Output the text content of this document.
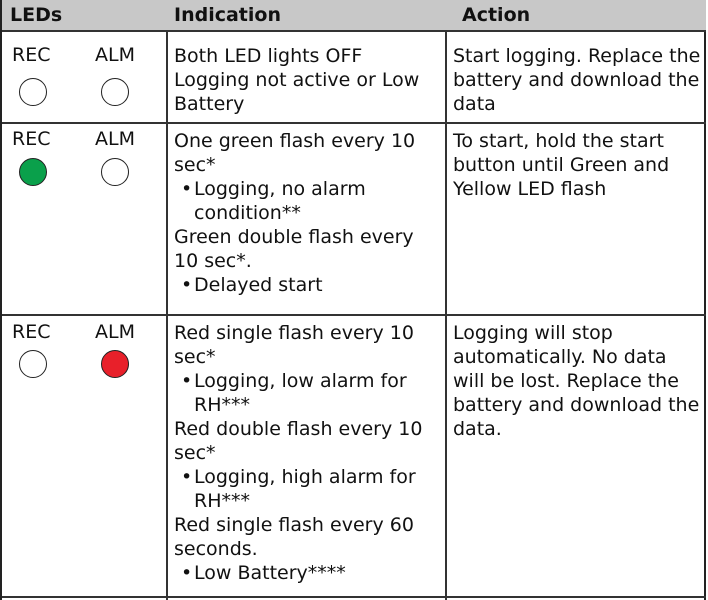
LEDs	Indication	Action
REC ALM Both LED lights OFF
Logging not active or Low Battery
Start logging. Replace the battery and download the data
REC ALM One green flash every 10 sec*
• Logging, no alarm condition**
Green double flash every 10 sec*.
• Delayed start
To start, hold the start button until Green and Yellow LED flash
REC ALM Red single flash every 10 sec*
• Logging, low alarm for RH***
Red double flash every 10 sec*
• Logging, high alarm for RH***
Red single flash every 60 seconds.
• Low Battery****
Logging will stop automatically. No data will be lost. Replace the battery and download the data.
